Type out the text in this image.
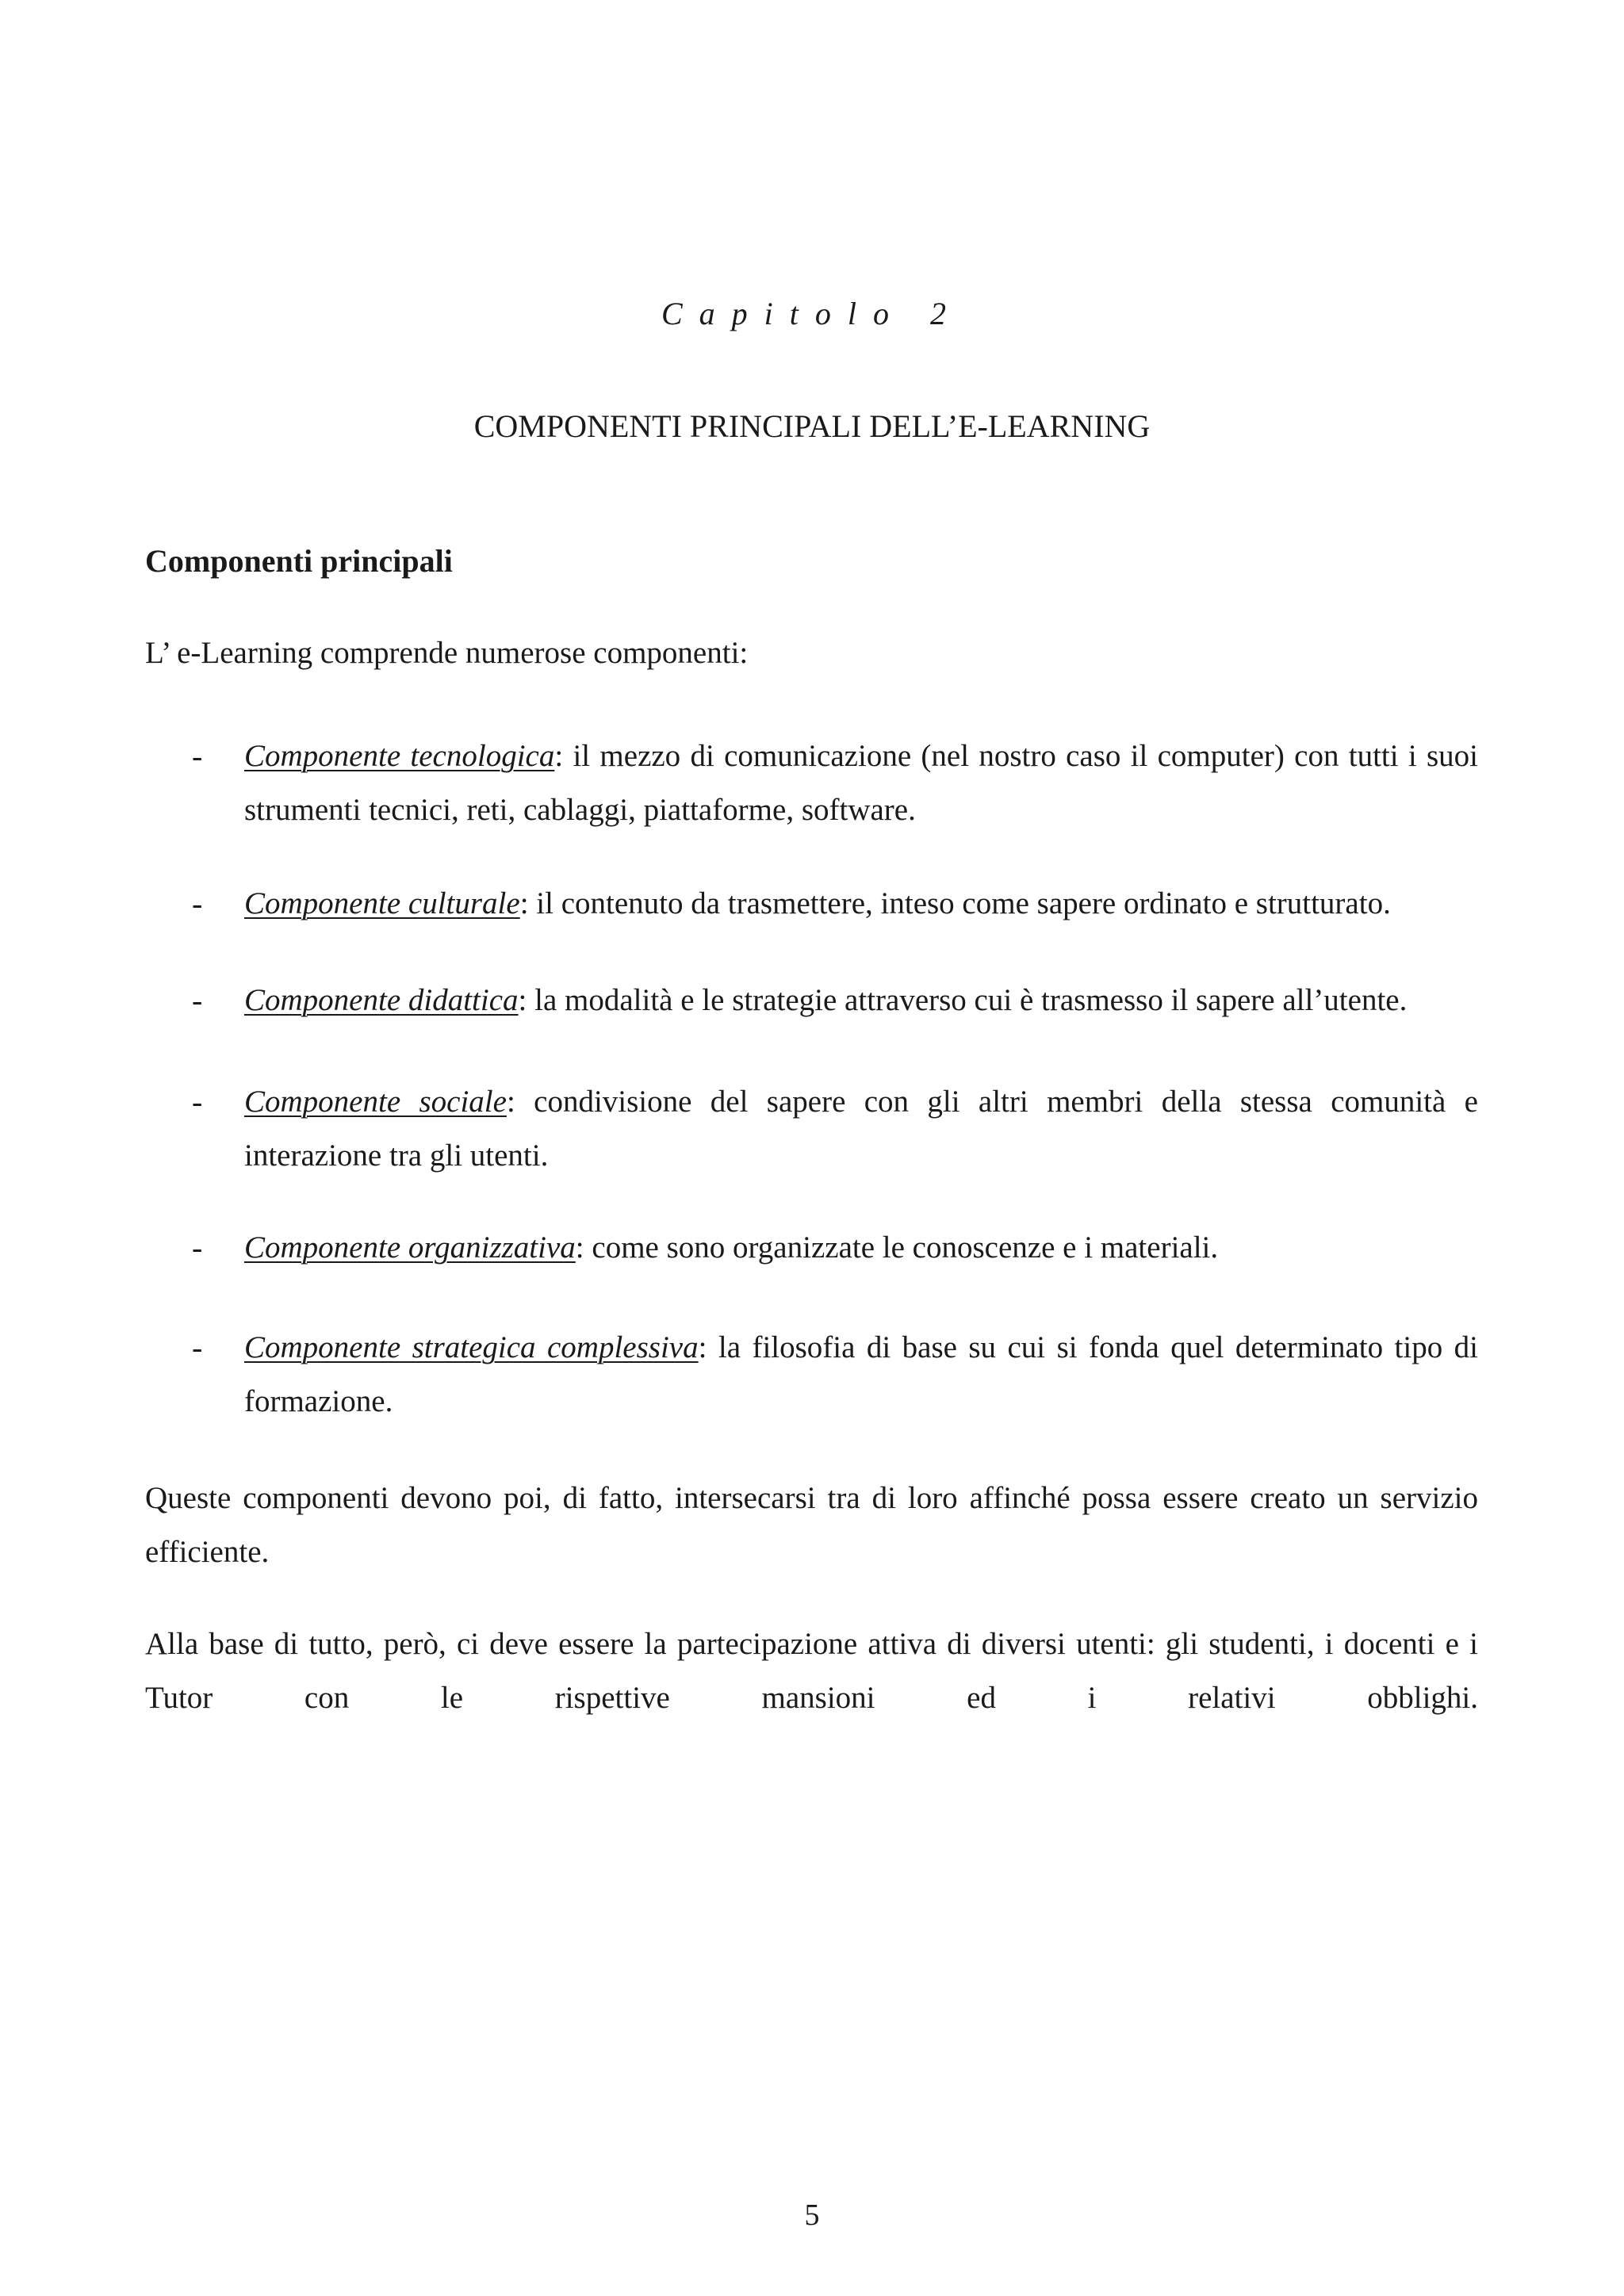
Capitolo 2
COMPONENTI PRINCIPALI DELL’E-LEARNING
Componenti principali
L’ e-Learning comprende numerose componenti:
- Componente tecnologica: il mezzo di comunicazione (nel nostro caso il computer) con tutti i suoi strumenti tecnici, reti, cablaggi, piattaforme, software.
- Componente culturale: il contenuto da trasmettere, inteso come sapere ordinato e strutturato.
- Componente didattica: la modalità e le strategie attraverso cui è trasmesso il sapere all’utente.
- Componente sociale: condivisione del sapere con gli altri membri della stessa comunità e interazione tra gli utenti.
- Componente organizzativa: come sono organizzate le conoscenze e i materiali.
- Componente strategica complessiva: la filosofia di base su cui si fonda quel determinato tipo di formazione.
Queste componenti devono poi, di fatto, intersecarsi tra di loro affinché possa essere creato un servizio efficiente.
Alla base di tutto, però, ci deve essere la partecipazione attiva di diversi utenti: gli studenti, i docenti e i Tutor con le rispettive mansioni ed i relativi obblighi.
5
